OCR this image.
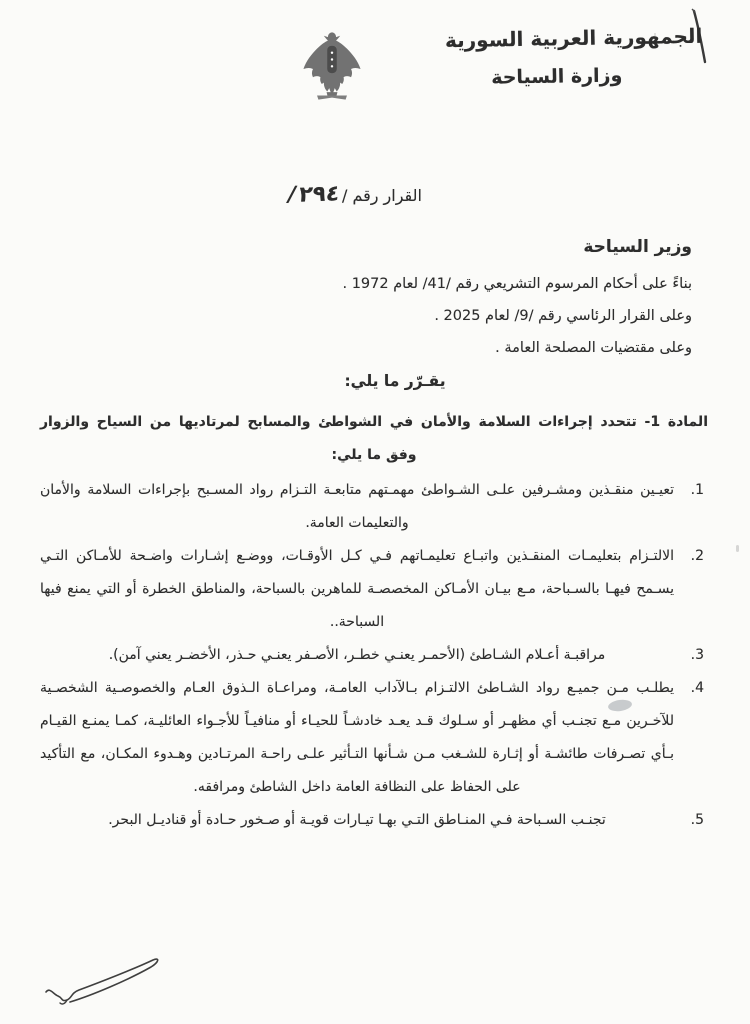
الجمهورية العربية السورية
وزارة السياحة
القرار رقم /٢٩٤/
وزير السياحة
بناءً على أحكام المرسوم التشريعي رقم /41/ لعام 1972 .
وعلى القرار الرئاسي رقم /9/ لعام 2025 .
وعلى مقتضيات المصلحة العامة .
يقـرّر ما يلي:

المادة 1- تتحدد إجراءات السلامة والأمان في الشواطئ والمسابح لمرتاديها من السياح والزوار وفق ما يلي:

1.
تعيـين منقـذين ومشـرفين علـى الشـواطئ مهمـتهم متابعـة التـزام رواد المسـبح بإجراءات السلامة والأمان والتعليمات العامة.
2.
الالتـزام بتعليمـات المنقـذين واتبـاع تعليمـاتهم فـي كـل الأوقـات، ووضـع إشـارات واضـحة للأمـاكن التـي يسـمح فيهـا بالسـباحة، مـع بيـان الأمـاكن المخصصـة للماهرين بالسباحة، والمناطق الخطرة أو التي يمنع فيها السباحة..
3.
مراقبـة أعـلام الشـاطئ (الأحمـر يعنـي خطـر، الأصـفر يعنـي حـذر، الأخضـر يعني آمن).
4.
يطلـب مـن جميـع رواد الشـاطئ الالتـزام بـالآداب العامـة، ومراعـاة الـذوق العـام والخصوصـية الشخصـية للآخـرين مـع تجنـب أي مظهـر أو سـلوك قـد يعـد خادشـاً للحيـاء أو منافيـاً للأجـواء العائليـة، كمـا يمنـع القيـام بـأي تصـرفات طائشـة أو إثـارة للشـغب مـن شـأنها التـأثير علـى راحـة المرتـادين وهـدوء المكـان، مع التأكيد على الحفاظ على النظافة العامة داخل الشاطئ ومرافقه.
5.
تجنـب السـباحة فـي المنـاطق التـي بهـا تيـارات قويـة أو صـخور حـادة أو قناديـل البحر.
